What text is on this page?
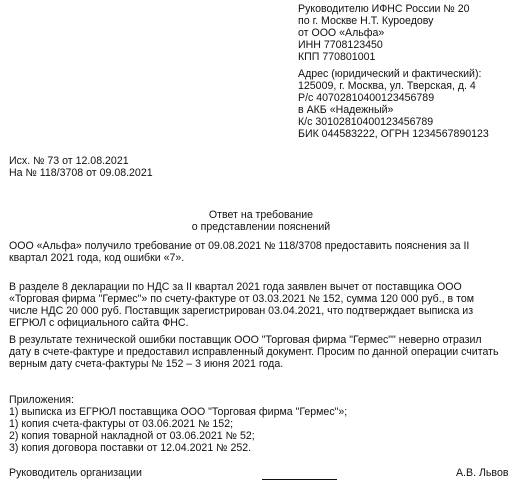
Руководителю ИФНС России № 20
по г. Москве Н.Т. Куроедову
от ООО «Альфа»
ИНН 7708123450
КПП 770801001
Адрес (юридический и фактический):
125009, г. Москва, ул. Тверская, д. 4
Р/с 40702810400123456789
в АКБ «Надежный»
К/с 30102810400123456789
БИК 044583222, ОГРН 1234567890123
Исх. № 73 от 12.08.2021
На № 118/3708 от 09.08.2021
Ответ на требование
о представлении пояснений
ООО «Альфа» получило требование от 09.08.2021 № 118/3708 предоставить пояснения за II
квартал 2021 года, код ошибки «7».
В разделе 8 декларации по НДС за II квартал 2021 года заявлен вычет от поставщика ООО
«Торговая фирма "Гермес"» по счету-фактуре от 03.03.2021 № 152, сумма 120 000 руб., в том
числе НДС 20 000 руб. Поставщик зарегистрирован 03.04.2021, что подтверждает выписка из
ЕГРЮЛ с официального сайта ФНС.
В результате технической ошибки поставщик ООО "Торговая фирма "Гермес"" неверно отразил
дату в счете-фактуре и предоставил исправленный документ. Просим по данной операции считать
верным дату счета-фактуры № 152 – 3 июня 2021 года.
Приложения:
1) выписка из ЕГРЮЛ поставщика ООО "Торговая фирма "Гермес"»;
1) копия счета-фактуры от 03.06.2021 № 152;
2) копия товарной накладной от 03.06.2021 № 52;
3) копия договора поставки от 12.04.2021 № 252.
Руководитель организации	А.В. Львов
